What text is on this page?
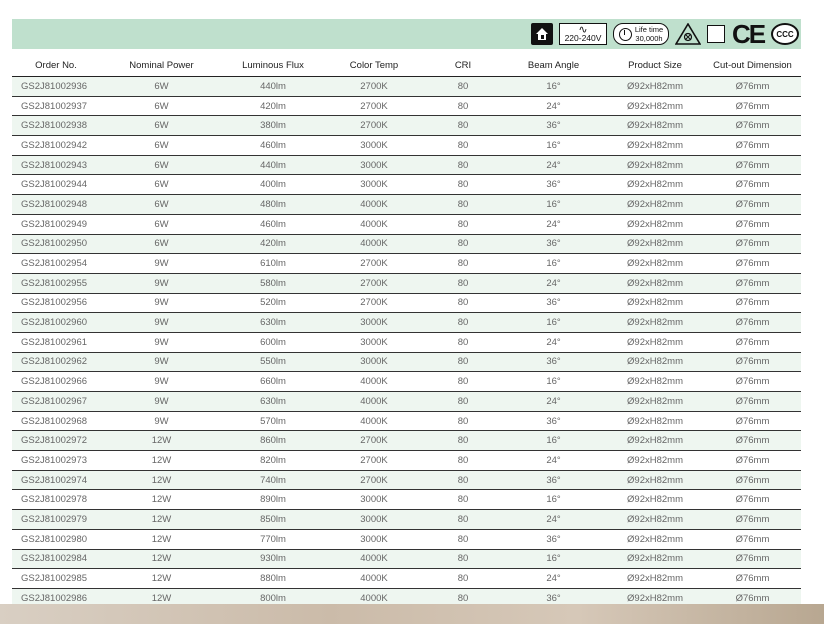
∿
220-240V
Life time
30,000h	CE	CCC
Order No.	Nominal Power	Luminous Flux	Color Temp	CRI	Beam Angle	Product Size	Cut-out Dimension
GS2J81002936	6W	440lm	2700K	80	16°	Ø92xH82mm	Ø76mm
GS2J81002937	6W	420lm	2700K	80	24°	Ø92xH82mm	Ø76mm
GS2J81002938	6W	380lm	2700K	80	36°	Ø92xH82mm	Ø76mm
GS2J81002942	6W	460lm	3000K	80	16°	Ø92xH82mm	Ø76mm
GS2J81002943	6W	440lm	3000K	80	24°	Ø92xH82mm	Ø76mm
GS2J81002944	6W	400lm	3000K	80	36°	Ø92xH82mm	Ø76mm
GS2J81002948	6W	480lm	4000K	80	16°	Ø92xH82mm	Ø76mm
GS2J81002949	6W	460lm	4000K	80	24°	Ø92xH82mm	Ø76mm
GS2J81002950	6W	420lm	4000K	80	36°	Ø92xH82mm	Ø76mm
GS2J81002954	9W	610lm	2700K	80	16°	Ø92xH82mm	Ø76mm
GS2J81002955	9W	580lm	2700K	80	24°	Ø92xH82mm	Ø76mm
GS2J81002956	9W	520lm	2700K	80	36°	Ø92xH82mm	Ø76mm
GS2J81002960	9W	630lm	3000K	80	16°	Ø92xH82mm	Ø76mm
GS2J81002961	9W	600lm	3000K	80	24°	Ø92xH82mm	Ø76mm
GS2J81002962	9W	550lm	3000K	80	36°	Ø92xH82mm	Ø76mm
GS2J81002966	9W	660lm	4000K	80	16°	Ø92xH82mm	Ø76mm
GS2J81002967	9W	630lm	4000K	80	24°	Ø92xH82mm	Ø76mm
GS2J81002968	9W	570lm	4000K	80	36°	Ø92xH82mm	Ø76mm
GS2J81002972	12W	860lm	2700K	80	16°	Ø92xH82mm	Ø76mm
GS2J81002973	12W	820lm	2700K	80	24°	Ø92xH82mm	Ø76mm
GS2J81002974	12W	740lm	2700K	80	36°	Ø92xH82mm	Ø76mm
GS2J81002978	12W	890lm	3000K	80	16°	Ø92xH82mm	Ø76mm
GS2J81002979	12W	850lm	3000K	80	24°	Ø92xH82mm	Ø76mm
GS2J81002980	12W	770lm	3000K	80	36°	Ø92xH82mm	Ø76mm
GS2J81002984	12W	930lm	4000K	80	16°	Ø92xH82mm	Ø76mm
GS2J81002985	12W	880lm	4000K	80	24°	Ø92xH82mm	Ø76mm
GS2J81002986	12W	800lm	4000K	80	36°	Ø92xH82mm	Ø76mm
